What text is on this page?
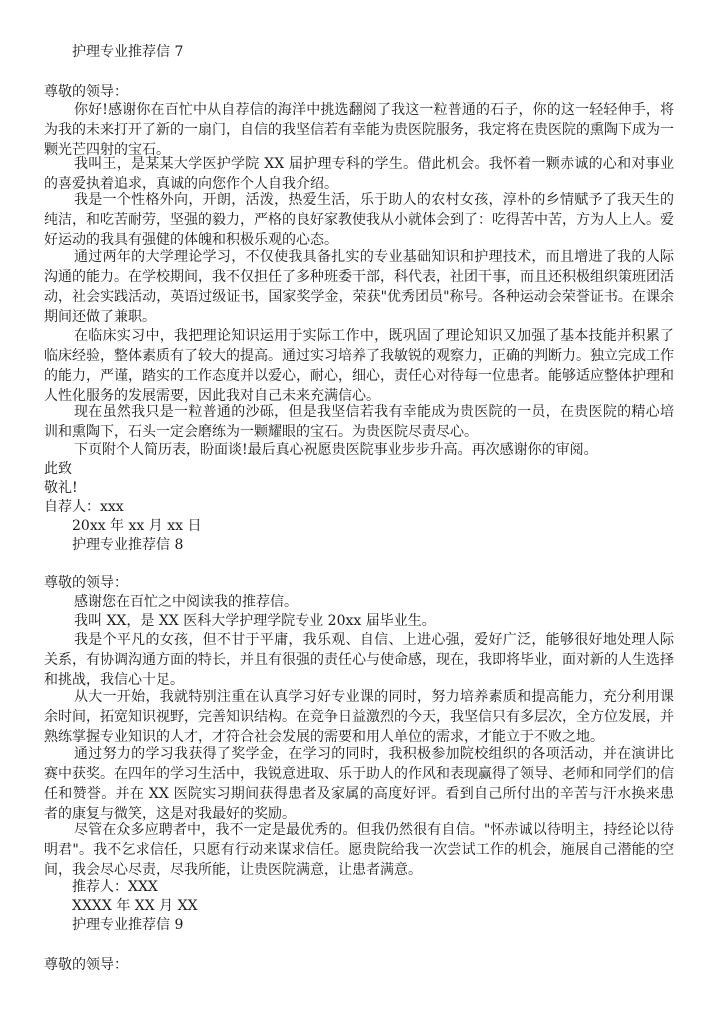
护理专业推荐信 7
尊敬的领导：
你好!感谢你在百忙中从自荐信的海洋中挑选翻阅了我这一粒普通的石子，你的这一轻轻伸手，将为我的未来打开了新的一扇门，自信的我坚信若有幸能为贵医院服务，我定将在贵医院的熏陶下成为一颗光芒四射的宝石。
我叫王，是某某大学医护学院 XX 届护理专科的学生。借此机会。我怀着一颗赤诚的心和对事业的喜爱执着追求，真诚的向您作个人自我介绍。
我是一个性格外向，开朗，活泼，热爱生活，乐于助人的农村女孩，淳朴的乡情赋予了我天生的纯洁，和吃苦耐劳，坚强的毅力，严格的良好家教使我从小就体会到了：吃得苦中苦，方为人上人。爱好运动的我具有强健的体魄和积极乐观的心态。
通过两年的大学理论学习，不仅使我具备扎实的专业基础知识和护理技术，而且增进了我的人际沟通的能力。在学校期间，我不仅担任了多种班委干部，科代表，社团干事，而且还积极组织策班团活动，社会实践活动，英语过级证书，国家奖学金，荣获"优秀团员"称号。各种运动会荣誉证书。在课余期间还做了兼职。
在临床实习中，我把理论知识运用于实际工作中，既巩固了理论知识又加强了基本技能并积累了临床经验，整体素质有了较大的提高。通过实习培养了我敏锐的观察力，正确的判断力。独立完成工作的能力，严谨，踏实的工作态度并以爱心，耐心，细心，责任心对待每一位患者。能够适应整体护理和人性化服务的发展需要，因此我对自己未来充满信心。
现在虽然我只是一粒普通的沙砾，但是我坚信若我有幸能成为贵医院的一员，在贵医院的精心培训和熏陶下，石头一定会磨练为一颗耀眼的宝石。为贵医院尽责尽心。
下页附个人简历表，盼面谈!最后真心祝愿贵医院事业步步升高。再次感谢你的审阅。
此致
敬礼!
自荐人：xxx
20xx 年 xx 月 xx 日
护理专业推荐信 8
尊敬的领导：
感谢您在百忙之中阅读我的推荐信。
我叫 XX，是 XX 医科大学护理学院专业 20xx 届毕业生。
我是个平凡的女孩，但不甘于平庸，我乐观、自信、上进心强，爱好广泛，能够很好地处理人际关系，有协调沟通方面的特长，并且有很强的责任心与使命感，现在，我即将毕业，面对新的人生选择和挑战，我信心十足。
从大一开始，我就特别注重在认真学习好专业课的同时，努力培养素质和提高能力，充分利用课余时间，拓宽知识视野，完善知识结构。在竞争日益激烈的今天，我坚信只有多层次，全方位发展，并熟练掌握专业知识的人才，才符合社会发展的需要和用人单位的需求，才能立于不败之地。
通过努力的学习我获得了奖学金，在学习的同时，我积极参加院校组织的各项活动，并在演讲比赛中获奖。在四年的学习生活中，我锐意进取、乐于助人的作风和表现赢得了领导、老师和同学们的信任和赞誉。并在 XX 医院实习期间获得患者及家属的高度好评。看到自己所付出的辛苦与汗水换来患者的康复与微笑，这是对我最好的奖励。
尽管在众多应聘者中，我不一定是最优秀的。但我仍然很有自信。"怀赤诚以待明主，持经论以待明君"。我不乞求信任，只愿有行动来谋求信任。愿贵院给我一次尝试工作的机会，施展自己潜能的空间，我会尽心尽责，尽我所能，让贵医院满意，让患者满意。
推荐人：XXX
XXXX 年 XX 月 XX
护理专业推荐信 9
尊敬的领导：
